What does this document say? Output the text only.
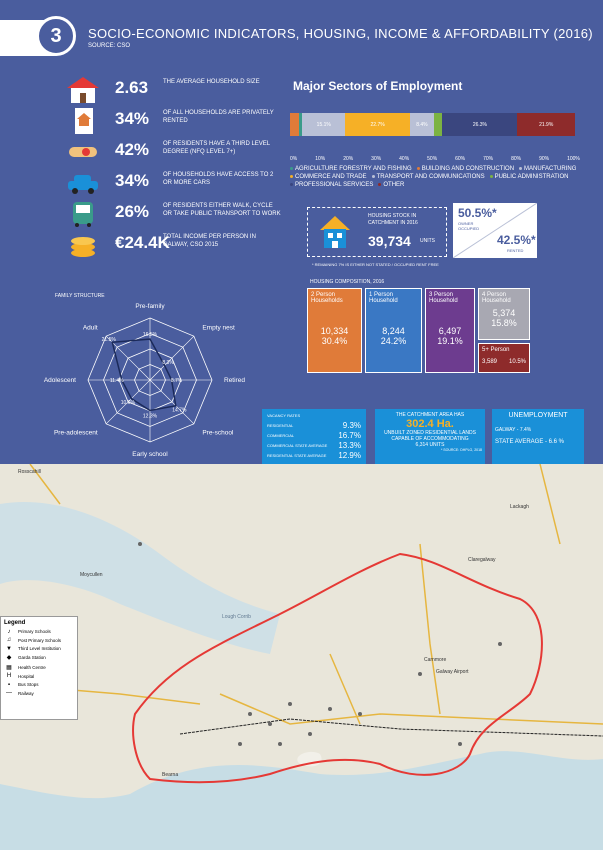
3	SOCIO-ECONOMIC INDICATORS, HOUSING, INCOME & AFFORDABILITY (2016)
SOURCE: CSO
2.63 THE AVERAGE HOUSEHOLD SIZE
34% OF ALL HOUSEHOLDS ARE PRIVATELY RENTED
42% OF RESIDENTS HAVE A THIRD LEVEL DEGREE (NFQ LEVEL 7+)
34% OF HOUSEHOLDS HAVE ACCESS TO 2 OR MORE CARS
26% OF RESIDENTS EITHER WALK, CYCLE OR TAKE PUBLIC TRANSPORT TO WORK
€24.4K
TOTAL INCOME PER PERSON IN GALWAY, CSO 2015
Major Sectors of Employment
15.1%	22.7%	8.4%	26.3%	21.9%
0%	10%	20%	30%	40%	50%	60%	70%	80%	90%	100%
AGRICULTURE FORESTRY AND FISHING BUILDING AND CONSTRUCTION MANUFACTURINGCOMMERCE AND TRADE TRANSPORT AND COMMUNICATIONS PUBLIC ADMINISTRATIONPROFESSIONAL SERVICES OTHER
HOUSING STOCK IN CATCHMENT IN 2016
39,734 UNITS
50.5%*
OWNER OCCUPIED
42.5%*
RENTED
* REMAINING 7% IS EITHER NOT STATED / OCCUPIED RENT FREE
HOUSING COMPOSITION, 2016
2 Person Households
10,334
30.4%
1 Person Household
8,244
24.2%
3 Person Household
6,497
19.1%
4 Person Household
5,374
15.8%
5+ Person
3,589 10.5%
FAMILY STRUCTURE
Pre-family
Empty nest
Retired
Pre-school
Early school
Pre-adolescent
Adolescent
Adult
16.5%
8.3%
8.7%
14.7%
12.3%
10.6%
11.4%
21.5%
VACANCY RATES
RESIDENTIAL	9.3%
COMMERCIAL	16.7%
COMMERCIAL STATE AVERAGE 13.3%
RESIDENTIAL STATE AVERAGE 12.9%
THE CATCHMENT AREA HAS
302.4 Ha.
UNBUILT ZONED RESIDENTIAL LANDS CAPABLE OF ACCOMMODATING
6,314 UNITS
* SOURCE: DHPLG, 2018
UNEMPLOYMENT
GALWAY - 7.4%
STATE AVERAGE - 6.6 %
Rosscahill
Moycullen
Lough Corrib
Lackagh
Claregalway
Carnmore
Galway Airport
Bearna
Legend
♪	Primary Schools
♫	Post Primary Schools
▼	Third Level Institution
◆	Garda Station
▦	Health Centre
H	Hospital
▪	Bus Stops
—	Railway
